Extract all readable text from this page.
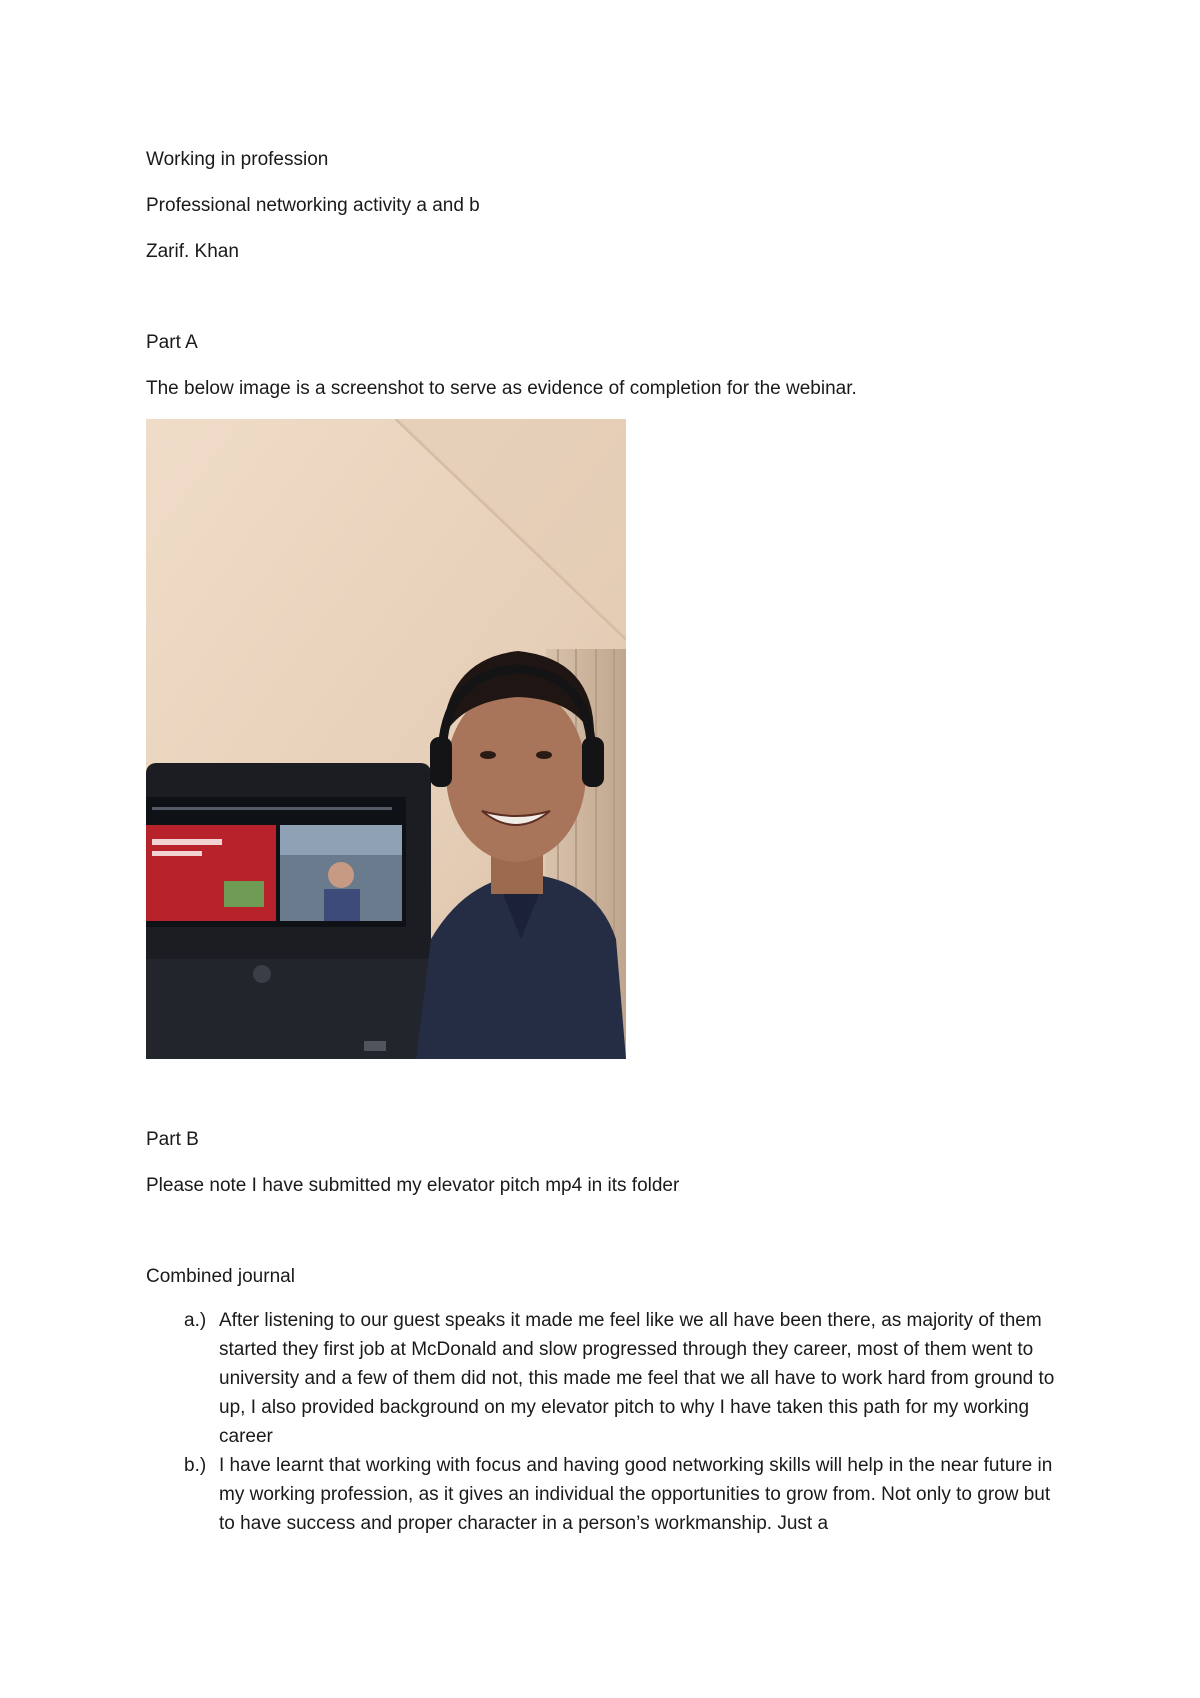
Working in profession
Professional networking activity a and b
Zarif. Khan
Part A
The below image is a screenshot to serve as evidence of completion for the webinar.
Part B
Please note I have submitted my elevator pitch mp4 in its folder
Combined journal
a.) After listening to our guest speaks it made me feel like we all have been there, as majority of them started they first job at McDonald and slow progressed through they career, most of them went to university and a few of them did not, this made me feel that we all have to work hard from ground to up, I also provided background on my elevator pitch to why I have taken this path for my working career
b.) I have learnt that working with focus and having good networking skills will help in the near future in my working profession, as it gives an individual the opportunities to grow from. Not only to grow but to have success and proper character in a person’s workmanship. Just a
